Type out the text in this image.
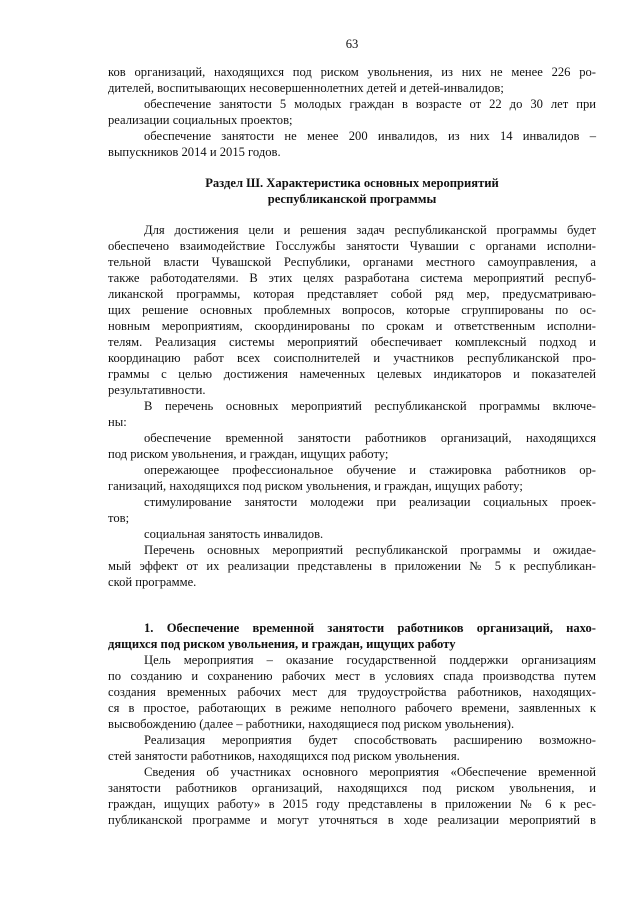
63
ков организаций, находящихся под риском увольнения, из них не менее 226 ро-
дителей, воспитывающих несовершеннолетних детей и детей-инвалидов;
обеспечение занятости 5 молодых граждан в возрасте от 22 до 30 лет при
реализации социальных проектов;
обеспечение занятости не менее 200 инвалидов, из них 14 инвалидов –
выпускников 2014 и 2015 годов.
Раздел Ш. Характеристика основных мероприятий
республиканской программы
Для достижения цели и решения задач республиканской программы будет
обеспечено взаимодействие Госслужбы занятости Чувашии с органами исполни-
тельной власти Чувашской Республики, органами местного самоуправления, а
также работодателями. В этих целях разработана система мероприятий респуб-
ликанской программы, которая представляет собой ряд мер, предусматриваю-
щих решение основных проблемных вопросов, которые сгруппированы по ос-
новным мероприятиям, скоординированы по срокам и ответственным исполни-
телям. Реализация системы мероприятий обеспечивает комплексный подход и
координацию работ всех соисполнителей и участников республиканской про-
граммы с целью достижения намеченных целевых индикаторов и показателей
результативности.
В перечень основных мероприятий республиканской программы включе-
ны:
обеспечение временной занятости работников организаций, находящихся
под риском увольнения, и граждан, ищущих работу;
опережающее профессиональное обучение и стажировка работников ор-
ганизаций, находящихся под риском увольнения, и граждан, ищущих работу;
стимулирование занятости молодежи при реализации социальных проек-
тов;
социальная занятость инвалидов.
Перечень основных мероприятий республиканской программы и ожидае-
мый эффект от их реализации представлены в приложении № 5 к республикан-
ской программе.
1. Обеспечение временной занятости работников организаций, нахо-
дящихся под риском увольнения, и граждан, ищущих работу
Цель мероприятия – оказание государственной поддержки организациям
по созданию и сохранению рабочих мест в условиях спада производства путем
создания временных рабочих мест для трудоустройства работников, находящих-
ся в простое, работающих в режиме неполного рабочего времени, заявленных к
высвобождению (далее – работники, находящиеся под риском увольнения).
Реализация мероприятия будет способствовать расширению возможно-
стей занятости работников, находящихся под риском увольнения.
Сведения об участниках основного мероприятия «Обеспечение временной
занятости работников организаций, находящихся под риском увольнения, и
граждан, ищущих работу» в 2015 году представлены в приложении № 6 к рес-
публиканской программе и могут уточняться в ходе реализации мероприятий в
